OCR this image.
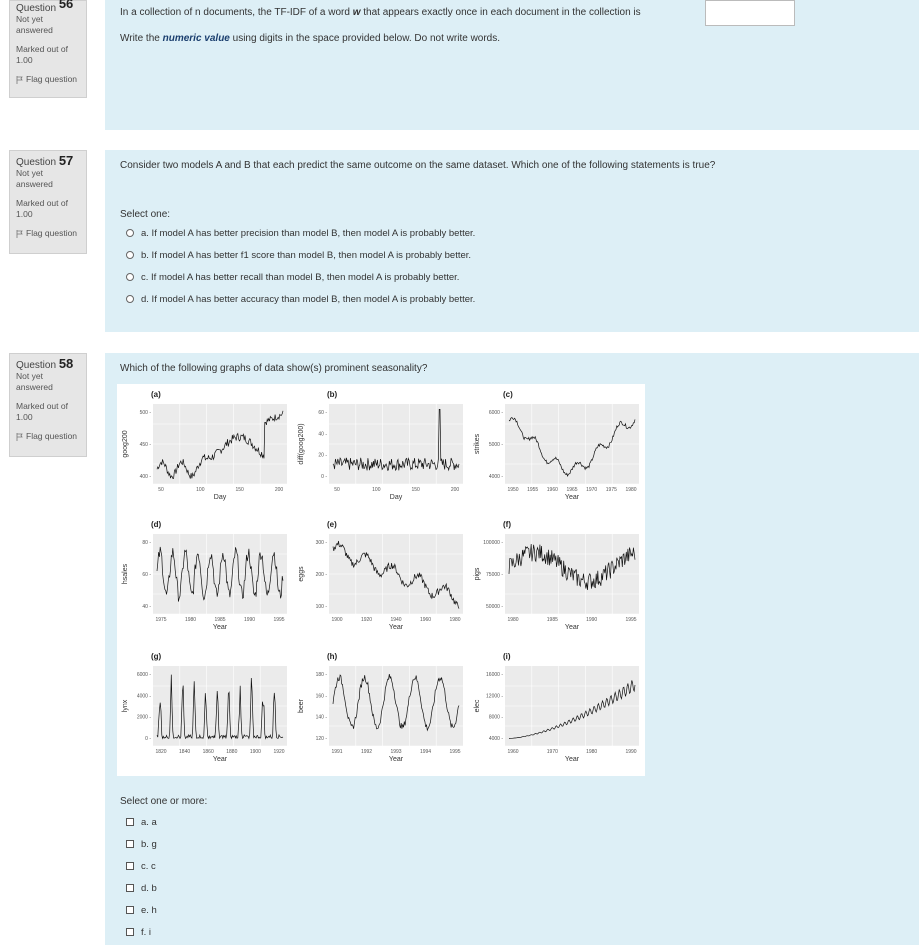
Question 56
Not yet answered
Marked out of 1.00
Flag question
In a collection of n documents, the TF-IDF of a word w that appears exactly once in each document in the collection is
Write the numeric value using digits in the space provided below. Do not write words.
Question 57
Not yet answered
Marked out of 1.00
Flag question
Consider two models A and B that each predict the same outcome on the same dataset. Which one of the following statements is true?
Select one:
a. If model A has better precision than model B, then model A is probably better.
b. If model A has better f1 score than model B, then model A is probably better.
c. If model A has better recall than model B, then model A is probably better.
d. If model A has better accuracy than model B, then model A is probably better.
Question 58
Not yet answered
Marked out of 1.00
Flag question
Which of the following graphs of data show(s) prominent seasonality?
Select one or more:
a. a
b. g
c. c
d. b
e. h
f. i
(a)
50	100	150	200
400 -
450 -
500 -
Day
goog200
(b)
50	100	150	200
0 -
20 -
40 -
60 -
Day
diff(goog200)
(c)
1950 1955 1960 1965 1970 1975 1980
4000 -
5000 -
6000 -
Year
strikes
(d)
1975	1980	1985	1990	1995
40 -
60 -
80 -
Year
hsales
(e)
1900	1920	1940	1960	1980
100 -
200 -
300 -
Year
eggs
(f)
1980	1985	1990	1995
50000 -
75000 -
100000 -
Year
pigs
(g)
1820 1840 1860 1880 1900 1920
0 -
2000 -
4000 -
6000 -
Year
lynx
(h)
1991	1992	1993	1994	1995
120 -
140 -
160 -
180 -
Year
beer
(i)
1960	1970	1980	1990
4000 -
8000 -
12000 -
16000 -
Year
elec
